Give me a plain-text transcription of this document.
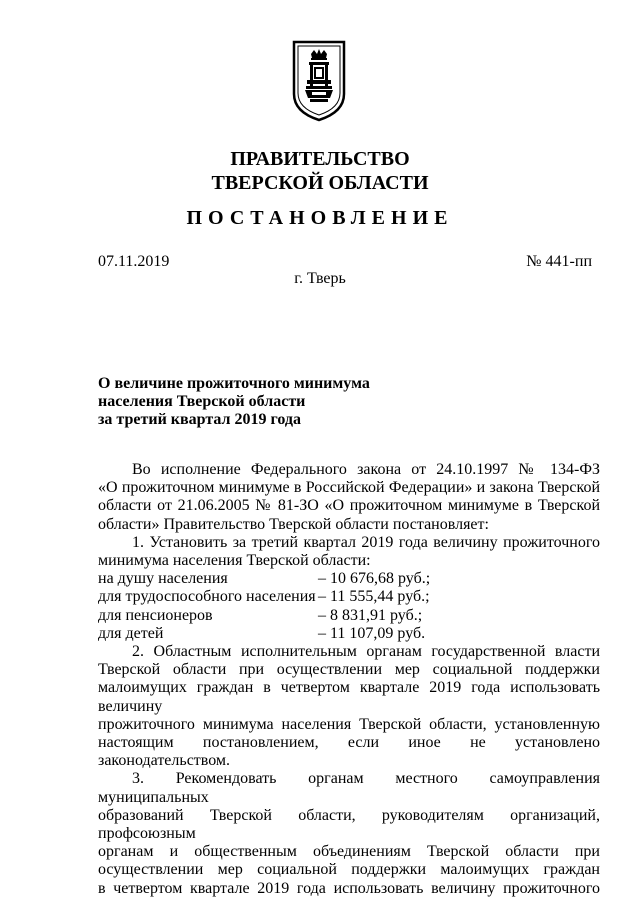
ПРАВИТЕЛЬСТВО
ТВЕРСКОЙ ОБЛАСТИ
ПОСТАНОВЛЕНИЕ
07.11.2019	№ 441-пп
г. Тверь
О величине прожиточного минимума
населения Тверской области
за третий квартал 2019 года
Во исполнение Федерального закона от 24.10.1997 № 134-ФЗ
«О прожиточном минимуме в Российской Федерации» и закона Тверской
области от 21.06.2005 № 81-ЗО «О прожиточном минимуме в Тверской
области» Правительство Тверской области постановляет:
1. Установить за третий квартал 2019 года величину прожиточного
минимума населения Тверской области:
на душу населения	– 10 676,68 руб.;
для трудоспособного населения – 11 555,44 руб.;
для пенсионеров	– 8 831,91 руб.;
для детей	– 11 107,09 руб.
2. Областным исполнительным органам государственной власти
Тверской области при осуществлении мер социальной поддержки
малоимущих граждан в четвертом квартале 2019 года использовать величину
прожиточного минимума населения Тверской области, установленную
настоящим постановлением, если иное не установлено законодательством.
3. Рекомендовать органам местного самоуправления муниципальных
образований Тверской области, руководителям организаций, профсоюзным
органам и общественным объединениям Тверской области при
осуществлении мер социальной поддержки малоимущих граждан
в четвертом квартале 2019 года использовать величину прожиточного
